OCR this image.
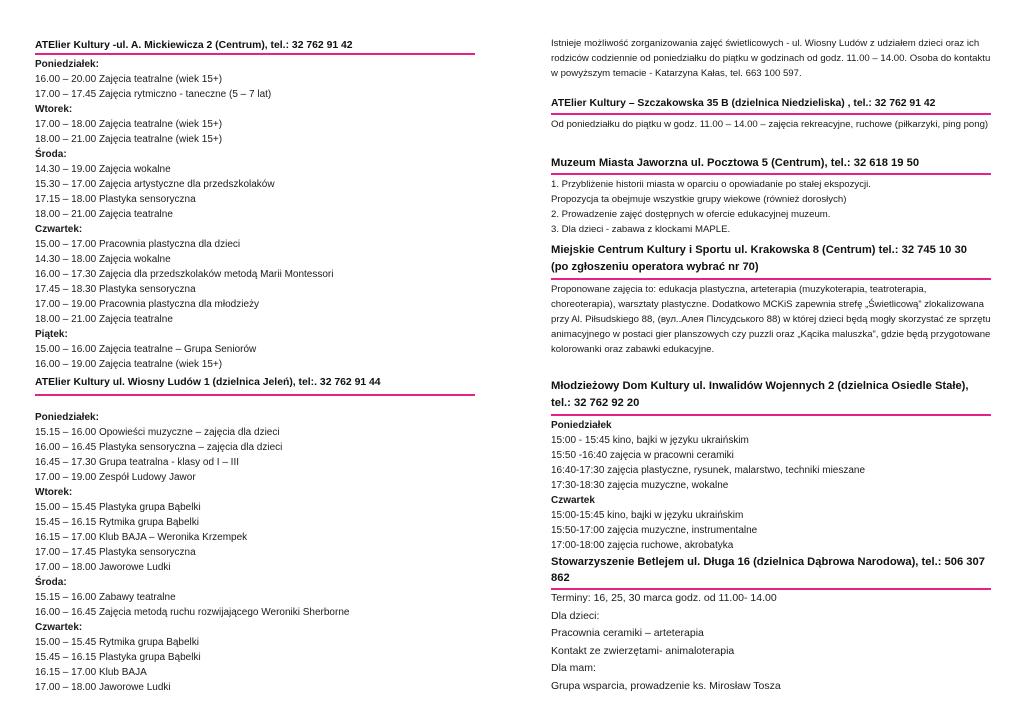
ATElier Kultury -ul. A. Mickiewicza 2 (Centrum), tel.: 32 762 91 42
Poniedziałek:
16.00 – 20.00 Zajęcia teatralne (wiek 15+)
17.00 – 17.45 Zajęcia rytmiczno - taneczne (5 – 7 lat)
Wtorek:
17.00 – 18.00 Zajęcia teatralne (wiek 15+)
18.00 – 21.00 Zajęcia teatralne (wiek 15+)
Środa:
14.30 – 19.00 Zajęcia wokalne
15.30 – 17.00 Zajęcia artystyczne dla przedszkolaków
17.15 – 18.00 Plastyka sensoryczna
18.00 – 21.00 Zajęcia teatralne
Czwartek:
15.00 – 17.00 Pracownia plastyczna dla dzieci
14.30 – 18.00 Zajęcia wokalne
16.00 – 17.30 Zajęcia dla przedszkolaków metodą Marii Montessori
17.45 – 18.30 Plastyka sensoryczna
17.00 – 19.00 Pracownia plastyczna dla młodzieży
18.00 – 21.00 Zajęcia teatralne
Piątek:
15.00 – 16.00 Zajęcia teatralne – Grupa Seniorów
16.00 – 19.00 Zajęcia teatralne (wiek 15+)
ATElier Kultury ul. Wiosny Ludów 1 (dzielnica Jeleń), tel:. 32 762 91 44
Poniedziałek:
15.15 – 16.00 Opowieści muzyczne – zajęcia dla dzieci
16.00 – 16.45 Plastyka sensoryczna – zajęcia dla dzieci
16.45 – 17.30 Grupa teatralna - klasy od I – III
17.00 – 19.00 Zespół Ludowy Jawor
Wtorek:
15.00 – 15.45 Plastyka grupa Bąbelki
15.45 – 16.15 Rytmika grupa Bąbelki
16.15 – 17.00 Klub BAJA – Weronika Krzempek
17.00 – 17.45 Plastyka sensoryczna
17.00 – 18.00 Jaworowe Ludki
Środa:
15.15 – 16.00 Zabawy teatralne
16.00 – 16.45 Zajęcia metodą ruchu rozwijającego Weroniki Sherborne
Czwartek:
15.00 – 15.45 Rytmika grupa Bąbelki
15.45 – 16.15 Plastyka grupa Bąbelki
16.15 – 17.00 Klub BAJA
17.00 – 18.00 Jaworowe Ludki
Istnieje możliwość zorganizowania zajęć świetlicowych - ul. Wiosny Ludów z udziałem dzieci oraz ich rodziców codziennie od poniedziałku do piątku w godzinach od godz. 11.00 – 14.00. Osoba do kontaktu w powyższym temacie - Katarzyna Kałas, tel. 663 100 597.
ATElier Kultury – Szczakowska 35 B (dzielnica Niedzieliska) , tel.: 32 762 91 42
Od poniedziałku do piątku w godz. 11.00 – 14.00 – zajęcia rekreacyjne, ruchowe (piłkarzyki, ping pong)
Muzeum Miasta Jaworzna ul. Pocztowa 5 (Centrum), tel.: 32 618 19 50
1. Przybliżenie historii miasta w oparciu o opowiadanie po stałej ekspozycji.
Propozycja ta obejmuje wszystkie grupy wiekowe (również dorosłych)
2. Prowadzenie zajęć dostępnych w ofercie edukacyjnej muzeum.
3. Dla dzieci - zabawa z klockami MAPLE.
Miejskie Centrum Kultury i Sportu ul. Krakowska 8 (Centrum) tel.: 32 745 10 30
(po zgłoszeniu operatora wybrać nr 70)
Proponowane zajęcia to: edukacja plastyczna, arteterapia (muzykoterapia, teatroterapia, choreoterapia), warsztaty plastyczne. Dodatkowo MCKiS zapewnia strefę „Świetlicową” zlokalizowana przy Al. Piłsudskiego 88, (вул..Алея Пілсудського 88) w której dzieci będą mogły skorzystać ze sprzętu animacyjnego w postaci gier planszowych czy puzzli oraz „Kącika maluszka”, gdzie będą przygotowane kolorowanki oraz zabawki edukacyjne.
Młodzieżowy Dom Kultury ul. Inwalidów Wojennych 2 (dzielnica Osiedle Stałe),
tel.: 32 762 92 20
Poniedziałek
15:00 - 15:45 kino, bajki w języku ukraińskim
15:50 -16:40 zajęcia w pracowni ceramiki
16:40-17:30 zajęcia plastyczne, rysunek, malarstwo, techniki mieszane
17:30-18:30 zajęcia muzyczne, wokalne
Czwartek
15:00-15:45 kino, bajki w języku ukraińskim
15:50-17:00 zajęcia muzyczne, instrumentalne
17:00-18:00 zajęcia ruchowe, akrobatyka
Stowarzyszenie Betlejem ul. Długa 16 (dzielnica Dąbrowa Narodowa), tel.: 506 307 862
Terminy: 16, 25, 30 marca godz. od 11.00- 14.00
Dla dzieci:
Pracownia ceramiki – arteterapia
Kontakt ze zwierzętami- animaloterapia
Dla mam:
Grupa wsparcia, prowadzenie ks. Mirosław Tosza
